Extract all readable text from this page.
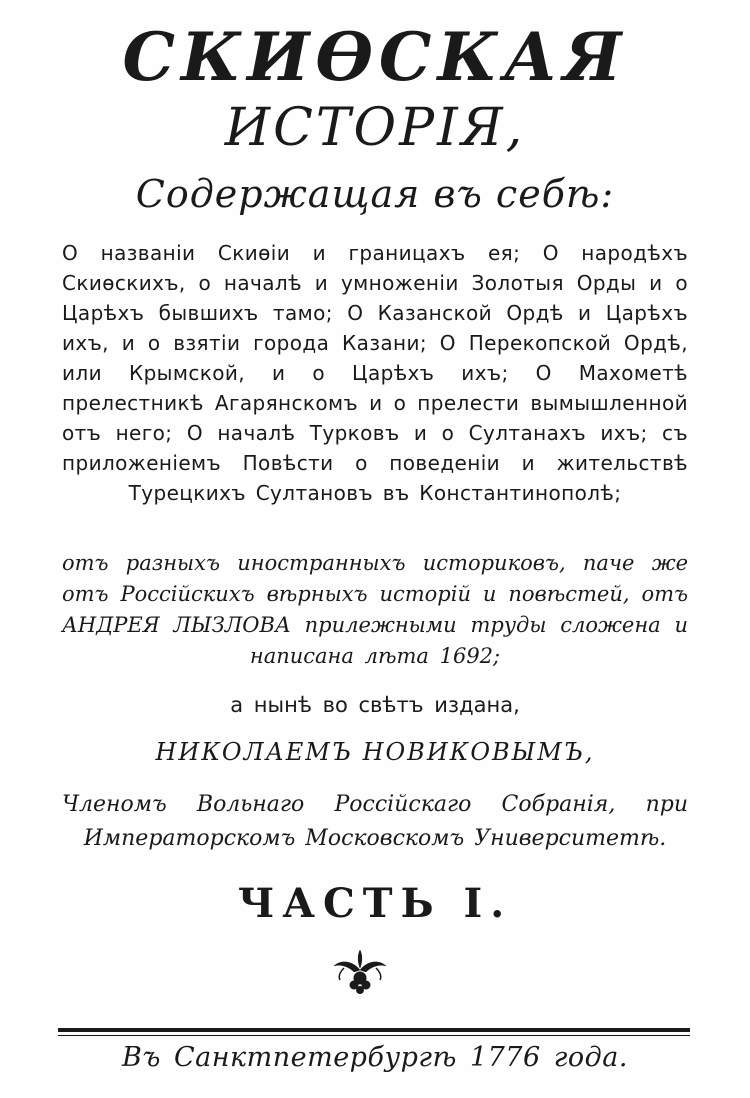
СКИѲСКАЯ
ИСТОРІЯ,
Содержащая въ себѣ:
О названіи Скиѳіи и границахъ ея; О народѣхъ Скиѳскихъ, о началѣ и умноженіи Золотыя Орды и о Царѣхъ бывшихъ тамо; О Казанской Ордѣ и Царѣхъ ихъ, и о взятіи города Казани; О Перекопской Ордѣ, или Крымской, и о Царѣхъ ихъ; О Махометѣ прелестникѣ Агарянскомъ и о прелести вымышленной отъ него; О началѣ Турковъ и о Султанахъ ихъ; съ приложеніемъ Повѣсти о поведеніи и жительствѣ Турецкихъ Султановъ въ Константинополѣ;
отъ разныхъ иностранныхъ историковъ, паче же отъ Россійскихъ вѣрныхъ исторій и повѣстей, отъ АНДРЕЯ ЛЫЗЛОВА прилежными труды сложена и написана лѣта 1692;
а нынѣ во свѣтъ издана,
НИКОЛАЕМЪ НОВИКОВЫМЪ,
Членомъ Вольнаго Россійскаго Собранія, при Императорскомъ Московскомъ Университетѣ.
ЧАСТЬ I.
Въ Санктпетербургѣ 1776 года.
